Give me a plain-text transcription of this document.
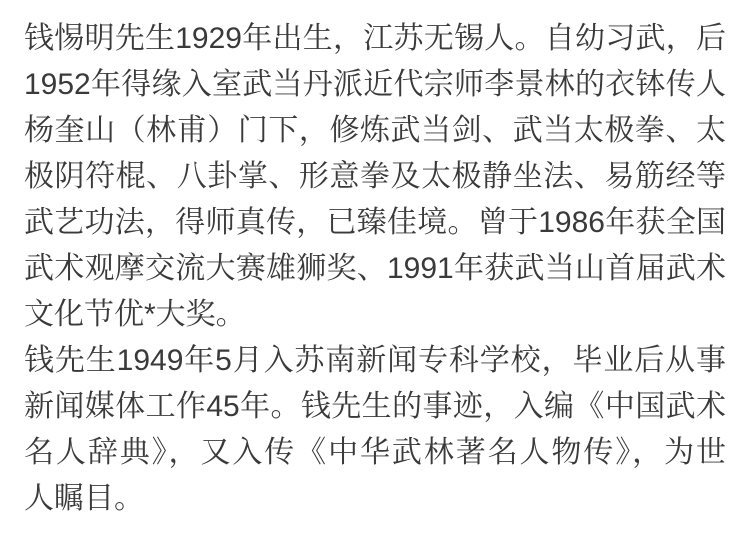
钱惕明先生1929年出生，江苏无锡人。自幼习武，后
1952年得缘入室武当丹派近代宗师李景林的衣钵传人
杨奎山（林甫）门下，修炼武当剑、武当太极拳、太
极阴符棍、八卦掌、形意拳及太极静坐法、易筋经等
武艺功法，得师真传，已臻佳境。曾于1986年获全国
武术观摩交流大赛雄狮奖、1991年获武当山首届武术
文化节优*大奖。
钱先生1949年5月入苏南新闻专科学校，毕业后从事
新闻媒体工作45年。钱先生的事迹，入编《中国武术
名人辞典》，又入传《中华武林著名人物传》，为世
人瞩目。
